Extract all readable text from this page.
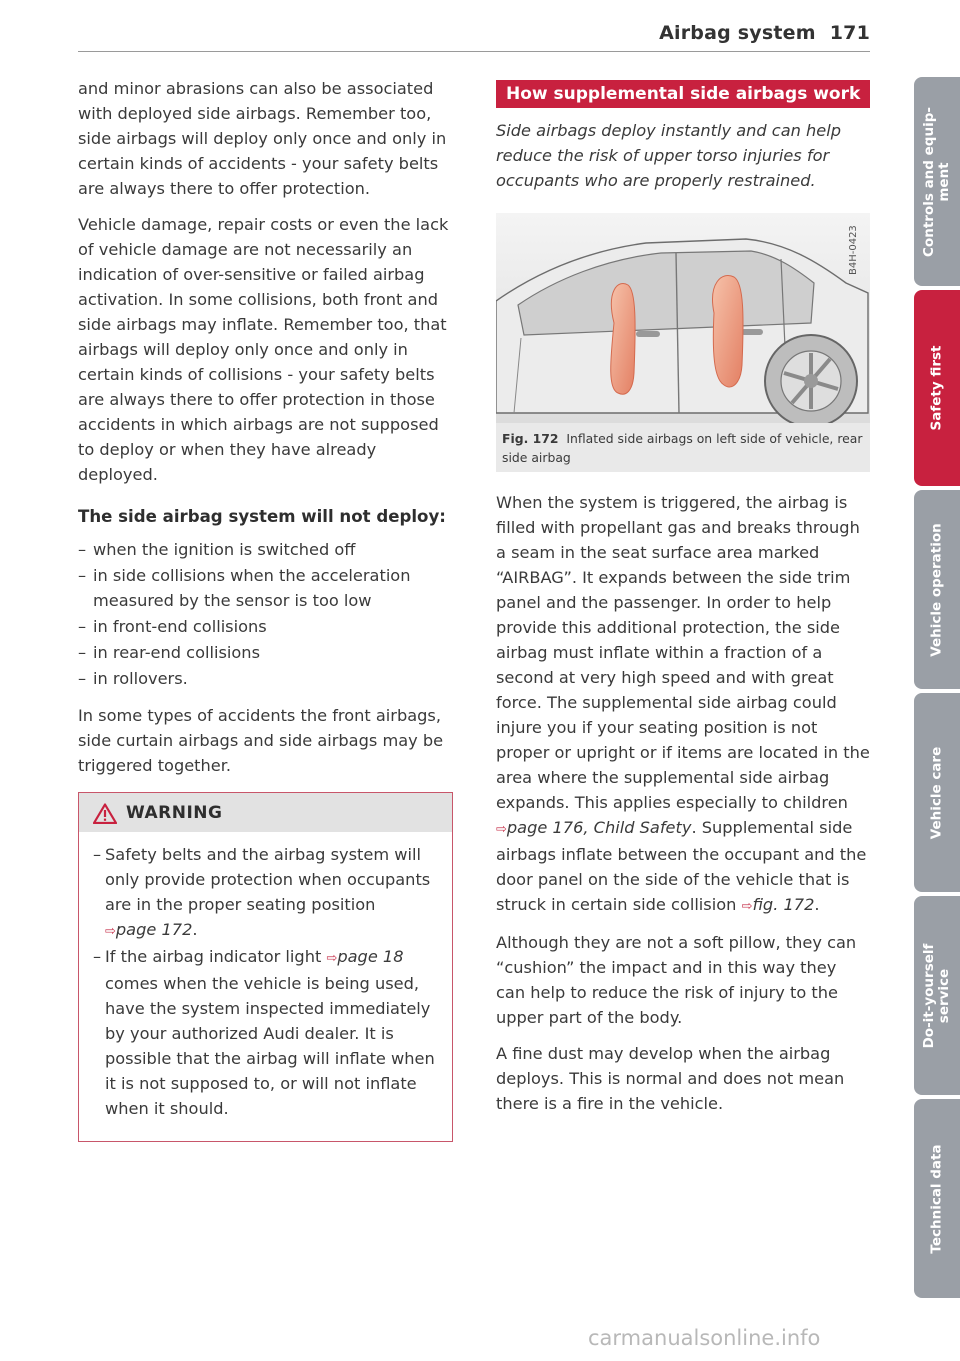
Airbag system 171

and minor abrasions can also be associated with deployed side airbags. Remember too, side airbags will deploy only once and only in certain kinds of accidents - your safety belts are always there to offer protection.

Vehicle damage, repair costs or even the lack of vehicle damage are not necessarily an indication of over-sensitive or failed airbag activation. In some collisions, both front and side airbags may inflate. Remember too, that airbags will deploy only once and only in certain kinds of collisions - your safety belts are always there to offer protection in those accidents in which airbags are not supposed to deploy or when they have already deployed.

The side airbag system will not deploy:
– when the ignition is switched off
– in side collisions when the acceleration measured by the sensor is too low
– in front-end collisions
– in rear-end collisions
– in rollovers.

In some types of accidents the front airbags, side curtain airbags and side airbags may be triggered together.

WARNING
– Safety belts and the airbag system will only provide protection when occupants are in the proper seating position
⇨page 172.
– If the airbag indicator light ⇨page 18 comes when the vehicle is being used, have the system inspected immediately by your authorized Audi dealer. It is possible that the airbag will inflate when it is not supposed to, or will not inflate when it should.
How supplemental side airbags work
Side airbags deploy instantly and can help reduce the risk of upper torso injuries for occupants who are properly restrained.
B4H-0423
Fig. 172 Inflated side airbags on left side of vehicle, rear side airbag

When the system is triggered, the airbag is filled with propellant gas and breaks through a seam in the seat surface area marked “AIRBAG”. It expands between the side trim panel and the passenger. In order to help provide this additional protection, the side airbag must inflate within a fraction of a second at very high speed and with great force. The supplemental side airbag could injure you if your seating position is not proper or upright or if items are located in the area where the supplemental side airbag expands. This applies especially to children ⇨page 176, Child Safety. Supplemental side airbags inflate between the occupant and the door panel on the side of the vehicle that is struck in certain side collision ⇨fig. 172.

Although they are not a soft pillow, they can “cushion” the impact and in this way they can help to reduce the risk of injury to the upper part of the body.

A fine dust may develop when the airbag deploys. This is normal and does not mean there is a fire in the vehicle.

Controls and equip-
ment
Safety first
Vehicle operation
Vehicle care
Do-it-yourself
service
Technical data
carmanualsonline.info
